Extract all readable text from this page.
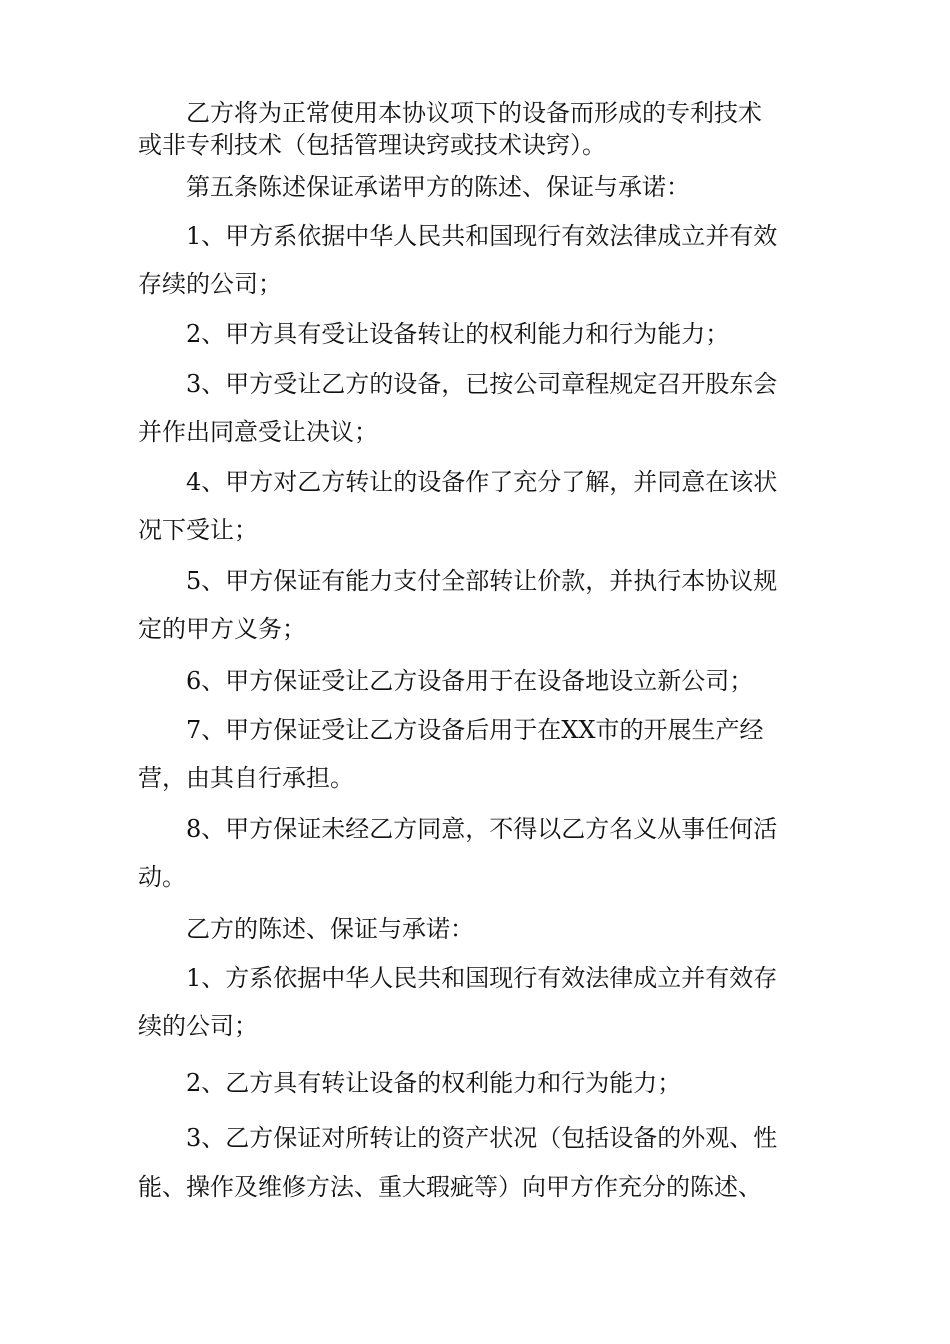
　　乙方将为正常使用本协议项下的设备而形成的专利技术
或非专利技术（包括管理诀窍或技术诀窍）。
　　第五条陈述保证承诺甲方的陈述、保证与承诺：
　　1、甲方系依据中华人民共和国现行有效法律成立并有效
存续的公司；
　　2、甲方具有受让设备转让的权利能力和行为能力；
　　3、甲方受让乙方的设备，已按公司章程规定召开股东会
并作出同意受让决议；
　　4、甲方对乙方转让的设备作了充分了解，并同意在该状
况下受让；
　　5、甲方保证有能力支付全部转让价款，并执行本协议规
定的甲方义务；
　　6、甲方保证受让乙方设备用于在设备地设立新公司；
　　7、甲方保证受让乙方设备后用于在XX市的开展生产经
营，由其自行承担。
　　8、甲方保证未经乙方同意，不得以乙方名义从事任何活
动。
　　乙方的陈述、保证与承诺：
　　1、方系依据中华人民共和国现行有效法律成立并有效存
续的公司；
　　2、乙方具有转让设备的权利能力和行为能力；
　　3、乙方保证对所转让的资产状况（包括设备的外观、性
能、操作及维修方法、重大瑕疵等）向甲方作充分的陈述、
